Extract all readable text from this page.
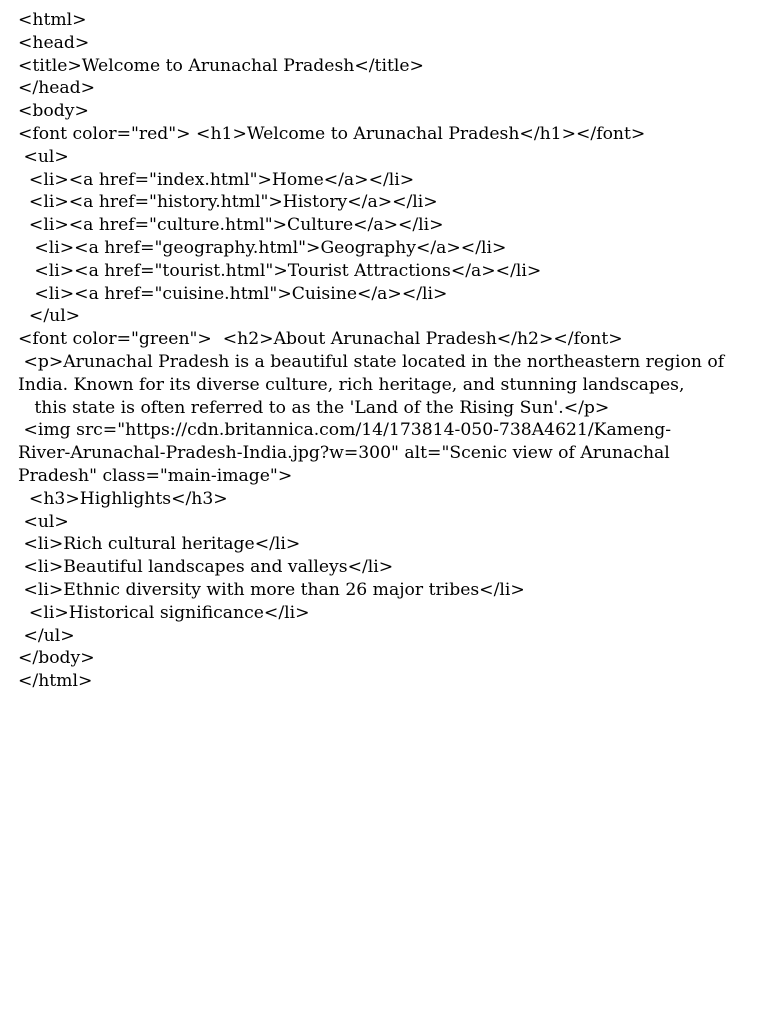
<html>
<head>
<title>Welcome to Arunachal Pradesh</title>
</head>
<body>
<font color="red"> <h1>Welcome to Arunachal Pradesh</h1></font>
<ul>
<li><a href="index.html">Home</a></li>
<li><a href="history.html">History</a></li>
<li><a href="culture.html">Culture</a></li>
<li><a href="geography.html">Geography</a></li>
<li><a href="tourist.html">Tourist Attractions</a></li>
<li><a href="cuisine.html">Cuisine</a></li>
</ul>
<font color="green">  <h2>About Arunachal Pradesh</h2></font>
<p>Arunachal Pradesh is a beautiful state located in the northeastern region of
India. Known for its diverse culture, rich heritage, and stunning landscapes,
this state is often referred to as the 'Land of the Rising Sun'.</p>
<img src="https://cdn.britannica.com/14/173814-050-738A4621/Kameng-
River-Arunachal-Pradesh-India.jpg?w=300" alt="Scenic view of Arunachal
Pradesh" class="main-image">
<h3>Highlights</h3>
<ul>
<li>Rich cultural heritage</li>
<li>Beautiful landscapes and valleys</li>
<li>Ethnic diversity with more than 26 major tribes</li>
<li>Historical significance</li>
</ul>
</body>
</html>
